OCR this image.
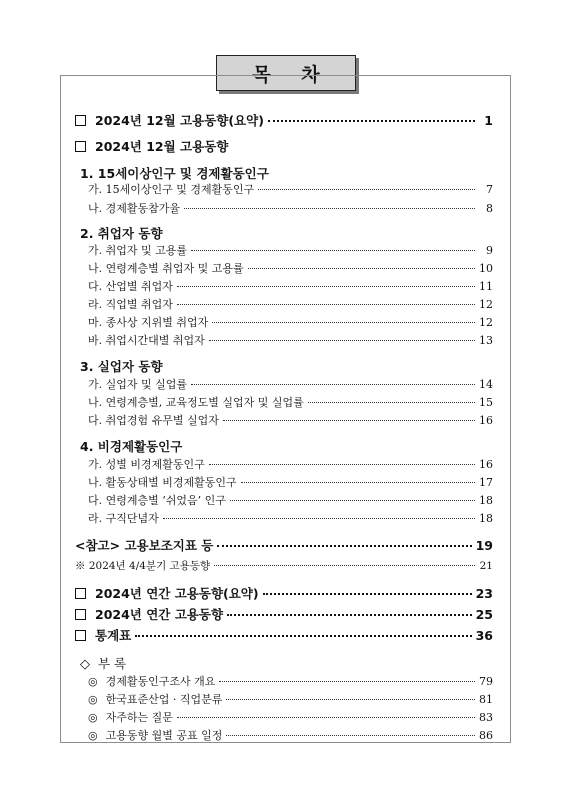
목 차
2024년 12월 고용동향(요약)	1
2024년 12월 고용동향
1. 15세이상인구 및 경제활동인구
가. 15세이상인구 및 경제활동인구	7
나. 경제활동참가율	8
2. 취업자 동향
가. 취업자 및 고용률	9
나. 연령계층별 취업자 및 고용률	10
다. 산업별 취업자	11
라. 직업별 취업자	12
마. 종사상 지위별 취업자	12
바. 취업시간대별 취업자	13
3. 실업자 동향
가. 실업자 및 실업률	14
나. 연령계층별, 교육정도별 실업자 및 실업률	15
다. 취업경험 유무별 실업자	16
4. 비경제활동인구
가. 성별 비경제활동인구	16
나. 활동상태별 비경제활동인구	17
다. 연령계층별 ‘쉬었음’ 인구	18
라. 구직단념자	18
<참고> 고용보조지표 등	19
※ 2024년 4/4분기 고용동향	21
2024년 연간 고용동향(요약)	23
2024년 연간 고용동향	25
통계표	36
◇ 부 록
◎ 경제활동인구조사 개요	79
◎ 한국표준산업 · 직업분류	81
◎ 자주하는 질문	83
◎ 고용동향 월별 공표 일정	86
